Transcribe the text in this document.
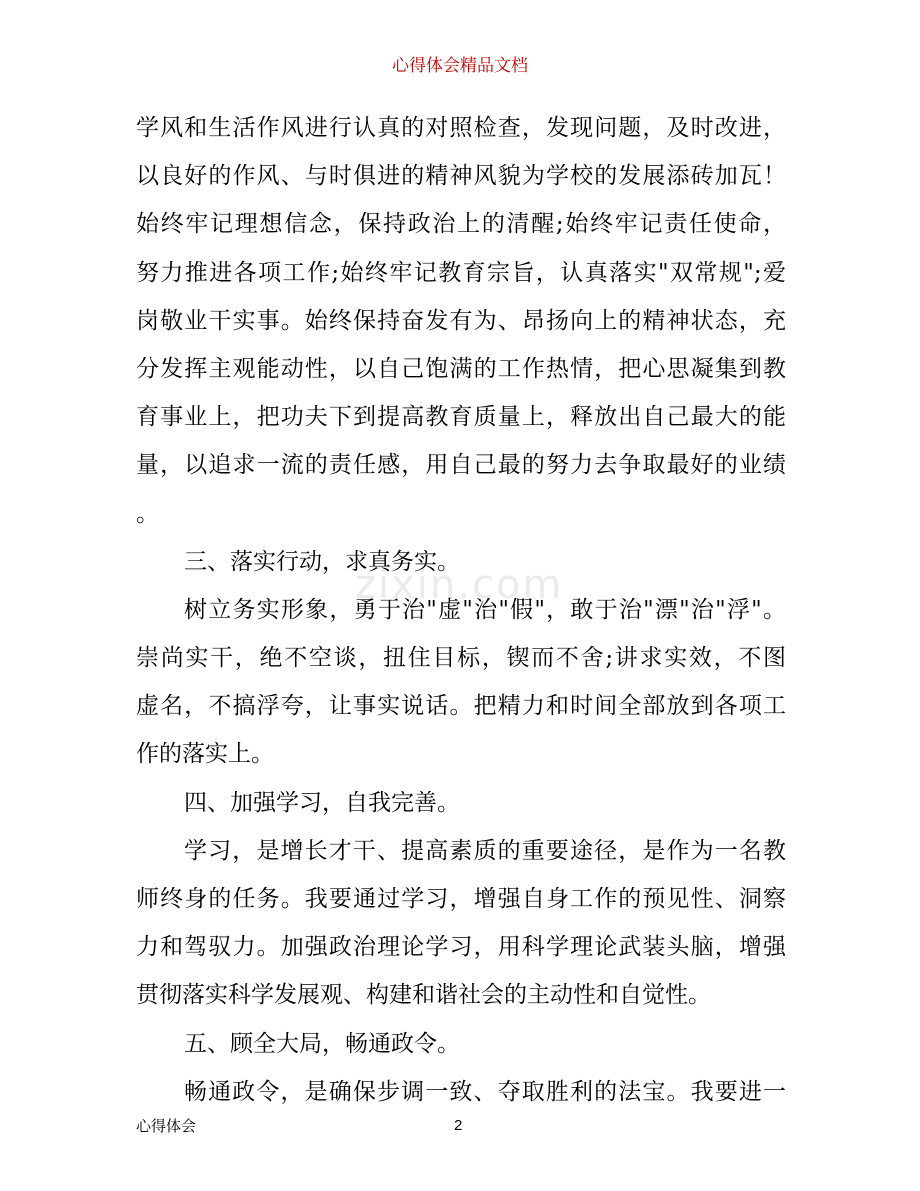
心得体会精品文档
zixin.com
学风和生活作风进行认真的对照检查，发现问题，及时改进，
以良好的作风、与时俱进的精神风貌为学校的发展添砖加瓦！
始终牢记理想信念，保持政治上的清醒;始终牢记责任使命，
努力推进各项工作;始终牢记教育宗旨，认真落实"双常规";爱
岗敬业干实事。始终保持奋发有为、昂扬向上的精神状态，充
分发挥主观能动性，以自己饱满的工作热情，把心思凝集到教
育事业上，把功夫下到提高教育质量上，释放出自己最大的能
量，以追求一流的责任感，用自己最的努力去争取最好的业绩
。
三、落实行动，求真务实。
树立务实形象，勇于治"虚"治"假"，敢于治"漂"治"浮"。
崇尚实干，绝不空谈，扭住目标，锲而不舍;讲求实效，不图
虚名，不搞浮夸，让事实说话。把精力和时间全部放到各项工
作的落实上。
四、加强学习，自我完善。
学习，是增长才干、提高素质的重要途径，是作为一名教
师终身的任务。我要通过学习，增强自身工作的预见性、洞察
力和驾驭力。加强政治理论学习，用科学理论武装头脑，增强
贯彻落实科学发展观、构建和谐社会的主动性和自觉性。
五、顾全大局，畅通政令。
畅通政令，是确保步调一致、夺取胜利的法宝。我要进一
心得体会	2
